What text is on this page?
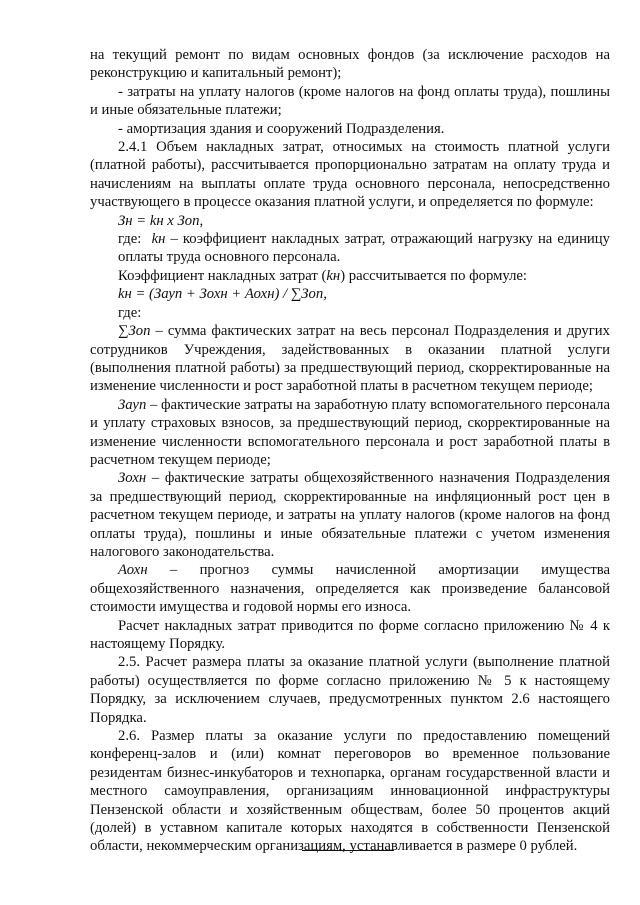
на текущий ремонт по видам основных фондов (за исключение расходов на реконструкцию и капитальный ремонт);

- затраты на уплату налогов (кроме налогов на фонд оплаты труда), пошлины и иные обязательные платежи;

- амортизация здания и сооружений Подразделения.

2.4.1 Объем накладных затрат, относимых на стоимость платной услуги (платной работы), рассчитывается пропорционально затратам на оплату труда и начислениям на выплаты оплате труда основного персонала, непосредственно участвующего в процессе оказания платной услуги, и определяется по формуле:

Зн = kн х Зоп,

где: kн – коэффициент накладных затрат, отражающий нагрузку на единицу оплаты труда основного персонала.

Коэффициент накладных затрат (kн) рассчитывается по формуле:

kн = (Зауп + Зохн + Аохн) / ∑Зоп,

где:

∑Зоп – сумма фактических затрат на весь персонал Подразделения и других сотрудников Учреждения, задействованных в оказании платной услуги (выполнения платной работы) за предшествующий период, скорректированные на изменение численности и рост заработной платы в расчетном текущем периоде;

Зауп – фактические затраты на заработную плату вспомогательного персонала и уплату страховых взносов, за предшествующий период, скорректированные на изменение численности вспомогательного персонала и рост заработной платы в расчетном текущем периоде;

Зохн – фактические затраты общехозяйственного назначения Подразделения за предшествующий период, скорректированные на инфляционный рост цен в расчетном текущем периоде, и затраты на уплату налогов (кроме налогов на фонд оплаты труда), пошлины и иные обязательные платежи с учетом изменения налогового законодательства.

Аохн – прогноз суммы начисленной амортизации имущества общехозяйственного назначения, определяется как произведение балансовой стоимости имущества и годовой нормы его износа.

Расчет накладных затрат приводится по форме согласно приложению № 4 к настоящему Порядку.

2.5. Расчет размера платы за оказание платной услуги (выполнение платной работы) осуществляется по форме согласно приложению № 5 к настоящему Порядку, за исключением случаев, предусмотренных пунктом 2.6 настоящего Порядка.

2.6. Размер платы за оказание услуги по предоставлению помещений конференц-залов и (или) комнат переговоров во временное пользование резидентам бизнес-инкубаторов и технопарка, органам государственной власти и местного самоуправления, организациям инновационной инфраструктуры Пензенской области и хозяйственным обществам, более 50 процентов акций (долей) в уставном капитале которых находятся в собственности Пензенской области, некоммерческим организациям, устанавливается в размере 0 рублей.
